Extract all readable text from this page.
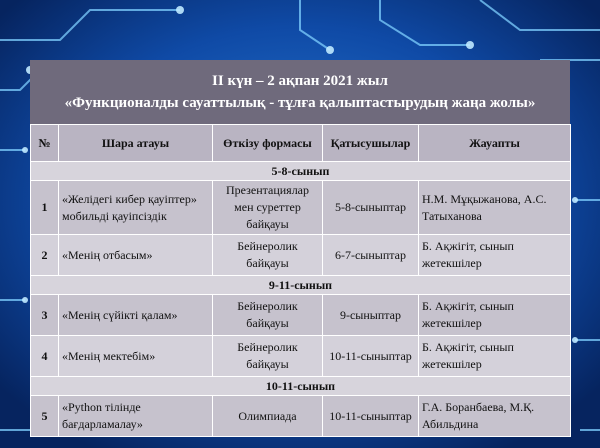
II күн – 2 ақпан 2021 жыл
«Функционалды сауаттылық - тұлға қалыптастырудың жаңа жолы»
№	Шара атауы	Өткізу формасы	Қатысушылар	Жауапты
5-8-сынып				
1	«Желідегі кибер қауіптер» мобильді қауіпсіздік	Презентациялар мен суреттер байқауы	5-8-сыныптар	Н.М. Мұқыжанова, А.С. Татыханова
2	«Менің отбасым»	Бейнеролик байқауы	6-7-сыныптар	Б. Ақжігіт, сынып жетекшілер
9-11-сынып				
3	«Менің сүйікті қалам»	Бейнеролик байқауы	9-сыныптар	Б. Ақжігіт, сынып жетекшілер
4	«Менің мектебім»	Бейнеролик байқауы	10-11-сыныптар	Б. Ақжігіт, сынып жетекшілер
10-11-сынып				
5	«Python тілінде бағдарламалау»	Олимпиада	10-11-сыныптар	Г.А. Боранбаева, М.Қ. Абильдина
